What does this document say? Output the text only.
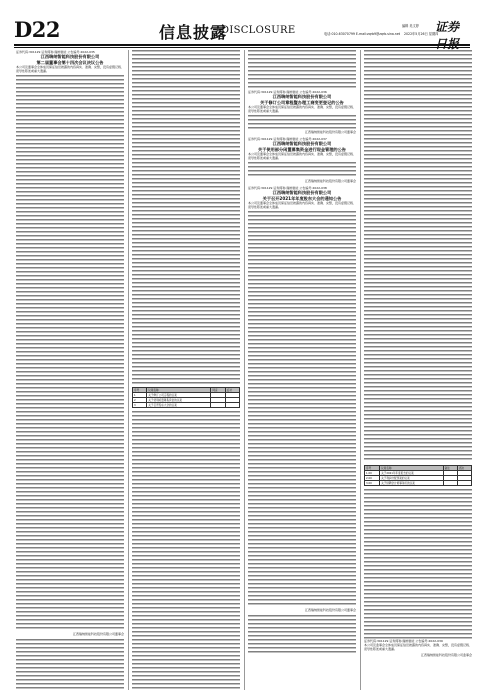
D22	信息披露
DISCLOSURE	编辑 吴文婷
电话:010-63070799 E-mail:zqrb9@zqrb.sina.net 2022年5月26日 星期四
证券
证券代码:301129 证券简称:瑞纳智能 公告编号:2022-035
江西瑞纳智能科技股份有限公司
第二届董事会第十四次会议决议公告
本公司及董事会全体成员保证信息披露的内容真实、准确、完整，没有虚假记载、误导性陈述或重大遗漏。
江西瑞纳智能科技股份有限公司董事会
序号	议案名称	同意	反对
1	关于修订公司章程的议案		
2	关于使用闲置募集资金的议案		
3	关于召开股东大会的议案		
证券代码:301129 证券简称:瑞纳智能 公告编号:2022-036
江西瑞纳智能科技股份有限公司
关于修订公司章程暨办理工商变更登记的公告
本公司及董事会全体成员保证信息披露的内容真实、准确、完整，没有虚假记载、误导性陈述或重大遗漏。
江西瑞纳智能科技股份有限公司董事会
证券代码:301129 证券简称:瑞纳智能 公告编号:2022-037
江西瑞纳智能科技股份有限公司
关于使用部分闲置募集资金进行现金管理的公告
本公司及董事会全体成员保证信息披露的内容真实、准确、完整，没有虚假记载、误导性陈述或重大遗漏。
江西瑞纳智能科技股份有限公司董事会
证券代码:301129 证券简称:瑞纳智能 公告编号:2022-038
江西瑞纳智能科技股份有限公司
关于召开2021年年度股东大会的通知公告
本公司及董事会全体成员保证信息披露的内容真实、准确、完整，没有虚假记载、误导性陈述或重大遗漏。
江西瑞纳智能科技股份有限公司董事会
序号	议案名称	备注	表决
1.00	关于2021年年度报告的议案		
2.00	关于利润分配预案的议案		
3.00	关于续聘会计师事务所的议案		
证券代码:301129 证券简称:瑞纳智能 公告编号:2022-039
本公司及监事会全体成员保证信息披露的内容真实、准确、完整，没有虚假记载、误导性陈述或重大遗漏。
江西瑞纳智能科技股份有限公司监事会
